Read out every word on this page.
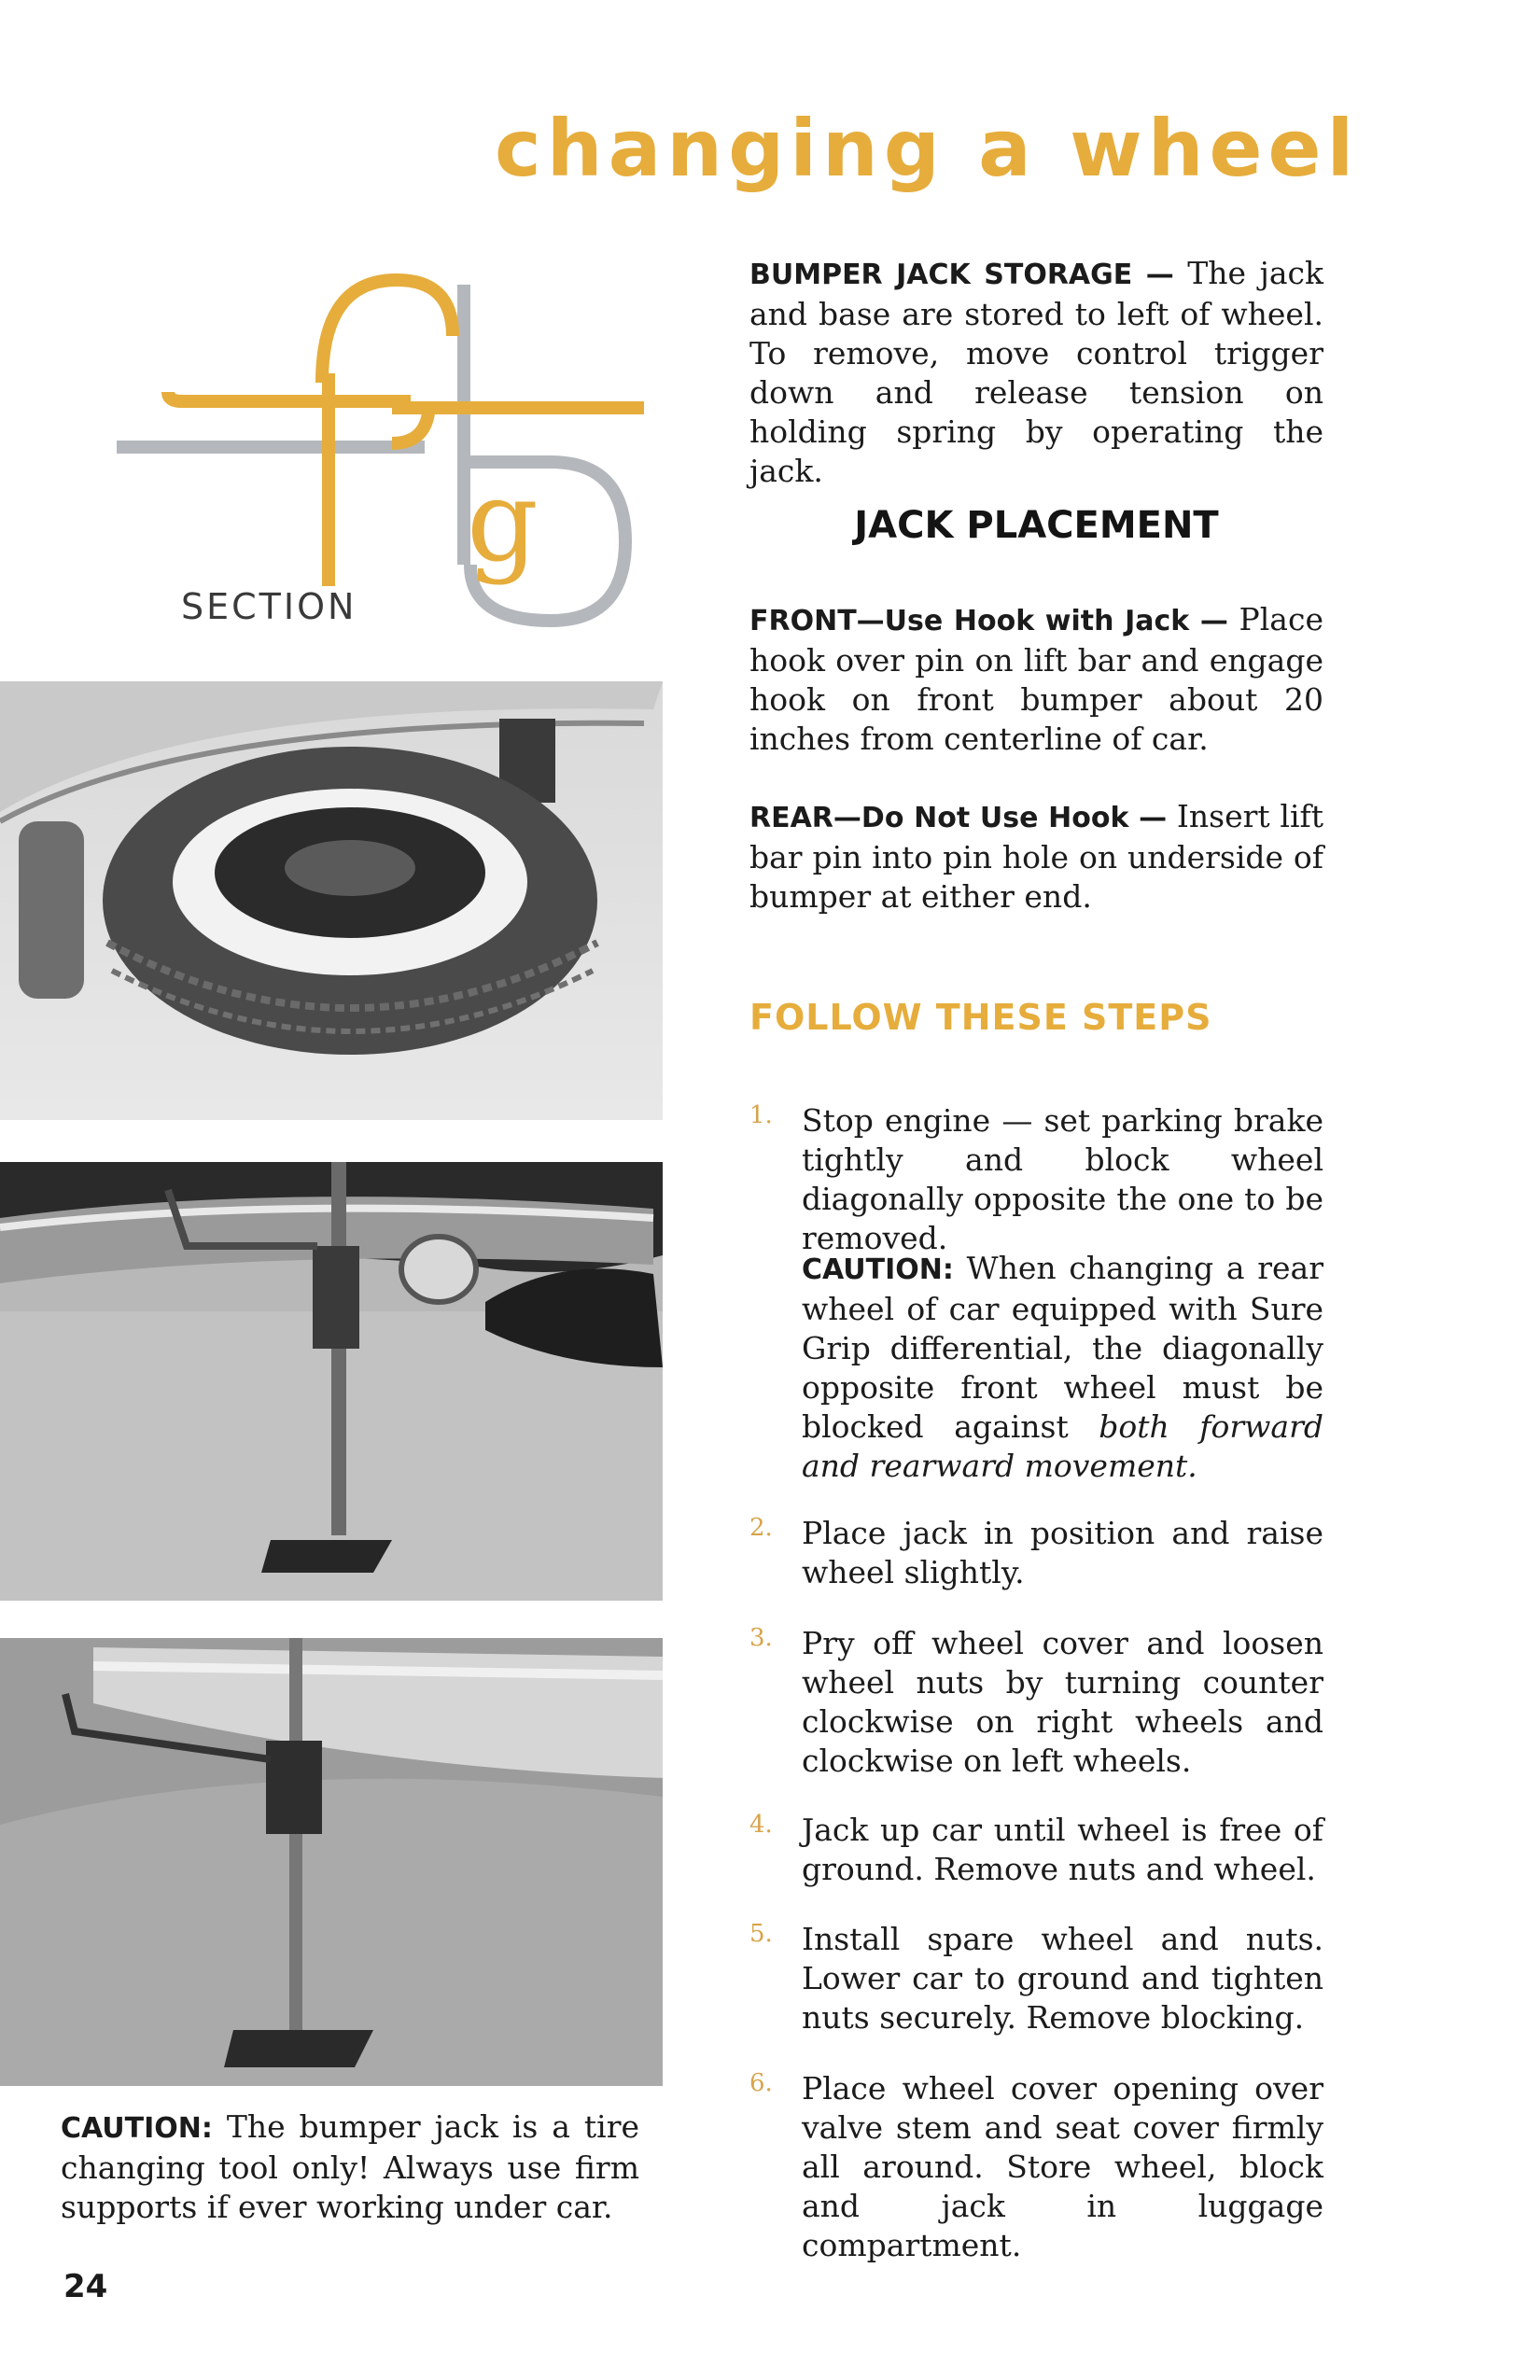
changing a wheel
SECTION
g
CAUTION: The bumper jack is a tire changing tool only! Always use firm supports if ever working under car.
24

BUMPER JACK STORAGE — The jack and base are stored to left of wheel. To remove, move control trigger down and release tension on holding spring by operating the jack.

JACK PLACEMENT

FRONT—Use Hook with Jack — Place hook over pin on lift bar and engage hook on front bumper about 20 inches from centerline of car.

REAR—Do Not Use Hook — Insert lift bar pin into pin hole on underside of bumper at either end.

FOLLOW THESE STEPS
1. Stop engine — set parking brake tightly and block wheel diagonally opposite the one to be removed.
CAUTION: When changing a rear wheel of car equipped with Sure Grip differential, the diagonally opposite front wheel must be blocked against both forward and rearward movement.
2. Place jack in position and raise wheel slightly.
3. Pry off wheel cover and loosen wheel nuts by turning counter clockwise on right wheels and clockwise on left wheels.
4. Jack up car until wheel is free of ground. Remove nuts and wheel.
5. Install spare wheel and nuts. Lower car to ground and tighten nuts securely. Remove blocking.
6. Place wheel cover opening over valve stem and seat cover firmly all around. Store wheel, block and jack in luggage compartment.
